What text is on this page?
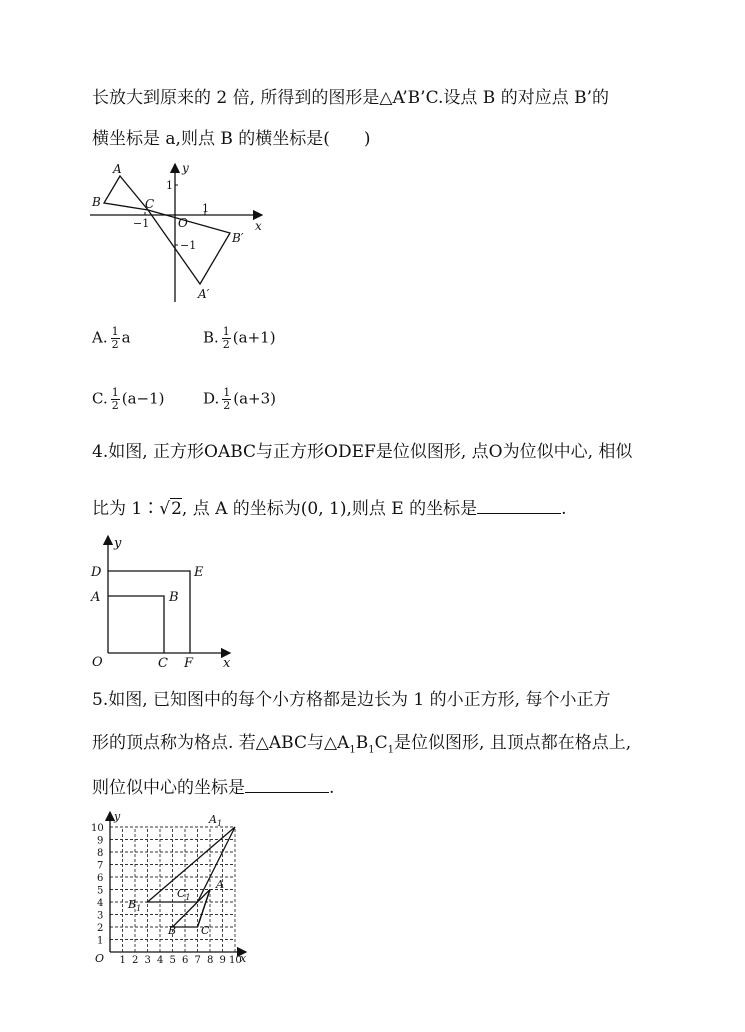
长放大到原来的 2 倍, 所得到的图形是△A’B’C.设点 B 的对应点 B’的
横坐标是 a,则点 B 的横坐标是(　　)
A
B	C
A′
B′
O	x
y
1
−1
1
−1
A. $\frac{1}{2}$ a	B. $\frac{1}{2} (a+1)$
C. $\frac{1}{2} (a-1)$	D. $\frac{1}{2} (a+3)$
4.如图, 正方形OABC与正方形ODEF是位似图形, 点O为位似中心, 相似
比为 1∶√2, 点 A 的坐标为(0, 1),则点 E 的坐标是	.
y
D	E
A	B
O	C F x
5.如图, 已知图中的每个小方格都是边长为 1 的小正方形, 每个小正方
形的顶点称为格点. 若△ABC与$\triangle A_1B_1C_1$是位似图形, 且顶点都在格点上,
则位似中心的坐标是	.
1 2 3 4 5 6 7 8 9 10
1
2
3
4
5
6
7
8
9
10
$A_1$
$B_1$
$C_1$
A
B C
O	x
y
